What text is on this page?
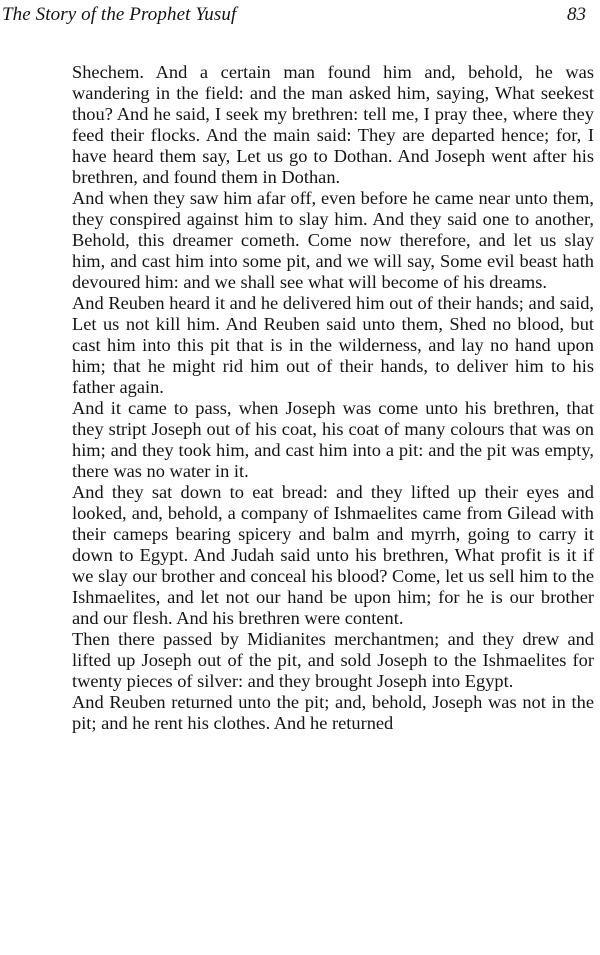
The Story of the Prophet Yusuf	83

Shechem. And a certain man found him and, behold, he was wandering in the field: and the man asked him, saying, What seekest thou? And he said, I seek my brethren: tell me, I pray thee, where they feed their flocks. And the main said: They are departed hence; for, I have heard them say, Let us go to Dothan. And Joseph went after his brethren, and found them in Dothan.

And when they saw him afar off, even before he came near unto them, they conspired against him to slay him. And they said one to another, Behold, this dreamer cometh. Come now therefore, and let us slay him, and cast him into some pit, and we will say, Some evil beast hath devoured him: and we shall see what will become of his dreams.

And Reuben heard it and he delivered him out of their hands; and said, Let us not kill him. And Reuben said unto them, Shed no blood, but cast him into this pit that is in the wilderness, and lay no hand upon him; that he might rid him out of their hands, to deliver him to his father again.

And it came to pass, when Joseph was come unto his brethren, that they stript Joseph out of his coat, his coat of many colours that was on him; and they took him, and cast him into a pit: and the pit was empty, there was no water in it.

And they sat down to eat bread: and they lifted up their eyes and looked, and, behold, a company of Ishmaelites came from Gilead with their cameps bearing spicery and balm and myrrh, going to carry it down to Egypt. And Judah said unto his brethren, What profit is it if we slay our brother and conceal his blood? Come, let us sell him to the Ishmaelites, and let not our hand be upon him; for he is our brother and our flesh. And his brethren were content.

Then there passed by Midianites merchantmen; and they drew and lifted up Joseph out of the pit, and sold Joseph to the Ishmaelites for twenty pieces of silver: and they brought Joseph into Egypt.

And Reuben returned unto the pit; and, behold, Joseph was not in the pit; and he rent his clothes. And he returned
